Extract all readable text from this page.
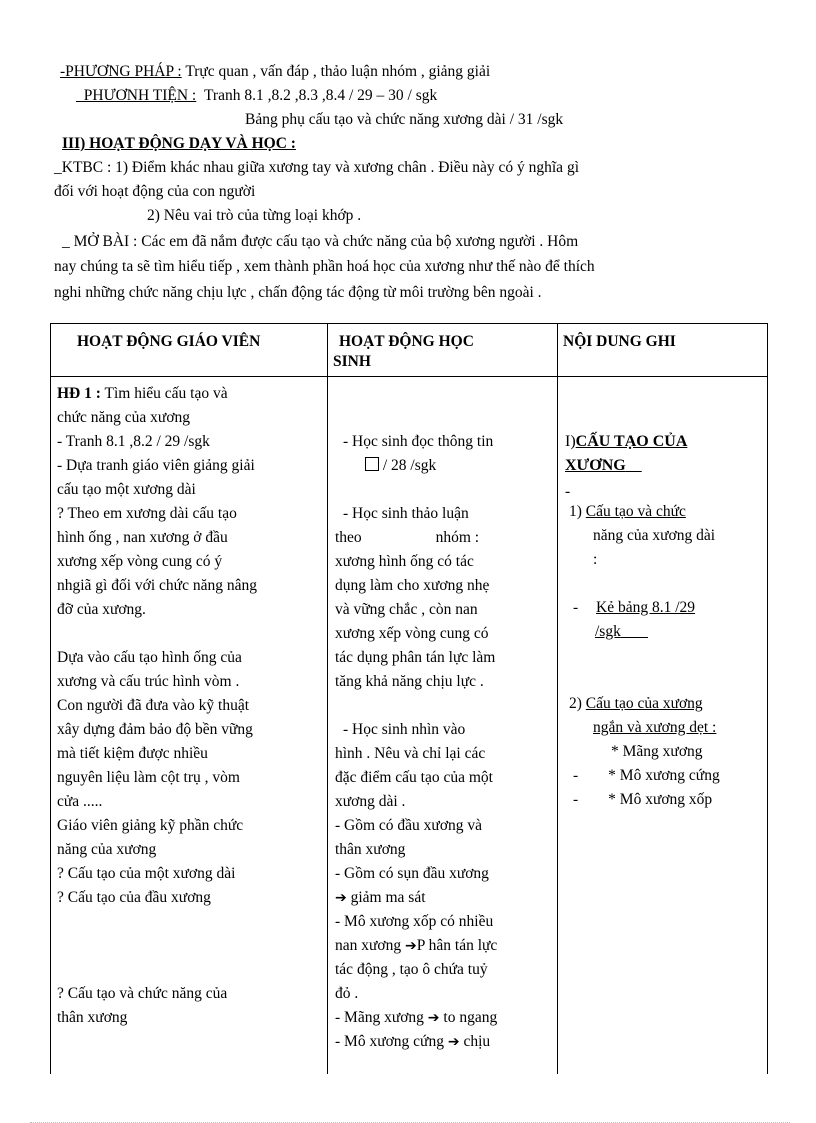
-PHƯƠNG PHÁP : Trực quan , vấn đáp , thảo luận nhóm , giảng giải
_PHƯƠNH TIỆN : Tranh 8.1 ,8.2 ,8.3 ,8.4 / 29 – 30 / sgk
Bảng phụ cấu tạo và chức năng xương dài / 31 /sgk
III) HOẠT ĐỘNG DẠY VÀ HỌC :
_KTBC : 1) Điểm khác nhau giữa xương tay và xương chân . Điều này có ý nghĩa gì
đối với hoạt động của con người
2) Nêu vai trò của từng loại khớp .
_ MỞ BÀI : Các em đã nắm được cấu tạo và chức năng của bộ xương người . Hôm
nay chúng ta sẽ tìm hiểu tiếp , xem thành phần hoá học của xương như thế nào để thích
nghi những chức năng chịu lực , chấn động tác động từ môi trường bên ngoài .
HOẠT ĐỘNG GIÁO VIÊN	HOẠT ĐỘNG HỌC
SINH
NỘI DUNG GHI
HĐ 1 : Tìm hiểu cấu tạo và
chức năng của xương
- Tranh 8.1 ,8.2 / 29 /sgk
- Dựa tranh giáo viên giảng giải
cấu tạo một xương dài
? Theo em xương dài cấu tạo
hình ống , nan xương ở đầu
xương xếp vòng cung có ý
nhgiã gì đối với chức năng nâng
đỡ của xương.
Dựa vào cấu tạo hình ống của
xương và cấu trúc hình vòm .
Con người đã đưa vào kỹ thuật
xây dựng đảm bảo độ bền vững
mà tiết kiệm được nhiều
nguyên liệu làm cột trụ , vòm
cửa .....
Giáo viên giảng kỹ phần chức
năng của xương
? Cấu tạo của một xương dài
? Cấu tạo của đầu xương
? Cấu tạo và chức năng của
thân xương
- Học sinh đọc thông tin
/ 28 /sgk
- Học sinh thảo luận
theo	nhóm :
xương hình ống có tác
dụng làm cho xương nhẹ
và vững chắc , còn nan
xương xếp vòng cung có
tác dụng phân tán lực làm
tăng khả năng chịu lực .
- Học sinh nhìn vào
hình . Nêu và chỉ lại các
đặc điểm cấu tạo của một
xương dài .
- Gồm có đầu xương và
thân xương
- Gồm có sụn đầu xương
➔ giảm ma sát
- Mô xương xốp có nhiều
nan xương ➔P hân tán lực
tác động , tạo ô chứa tuỷ
đỏ .
- Mãng xương ➔ to ngang
- Mô xương cứng ➔ chịu
I)CẤU TẠO CỦA
XƯƠNG
-
1) Cấu tạo và chức
năng của xương dài
:
- Kẻ bảng 8.1 /29
/sgk
2) Cấu tạo của xương
ngắn và xương dẹt :
* Mãng xương
- * Mô xương cứng
- * Mô xương xốp
